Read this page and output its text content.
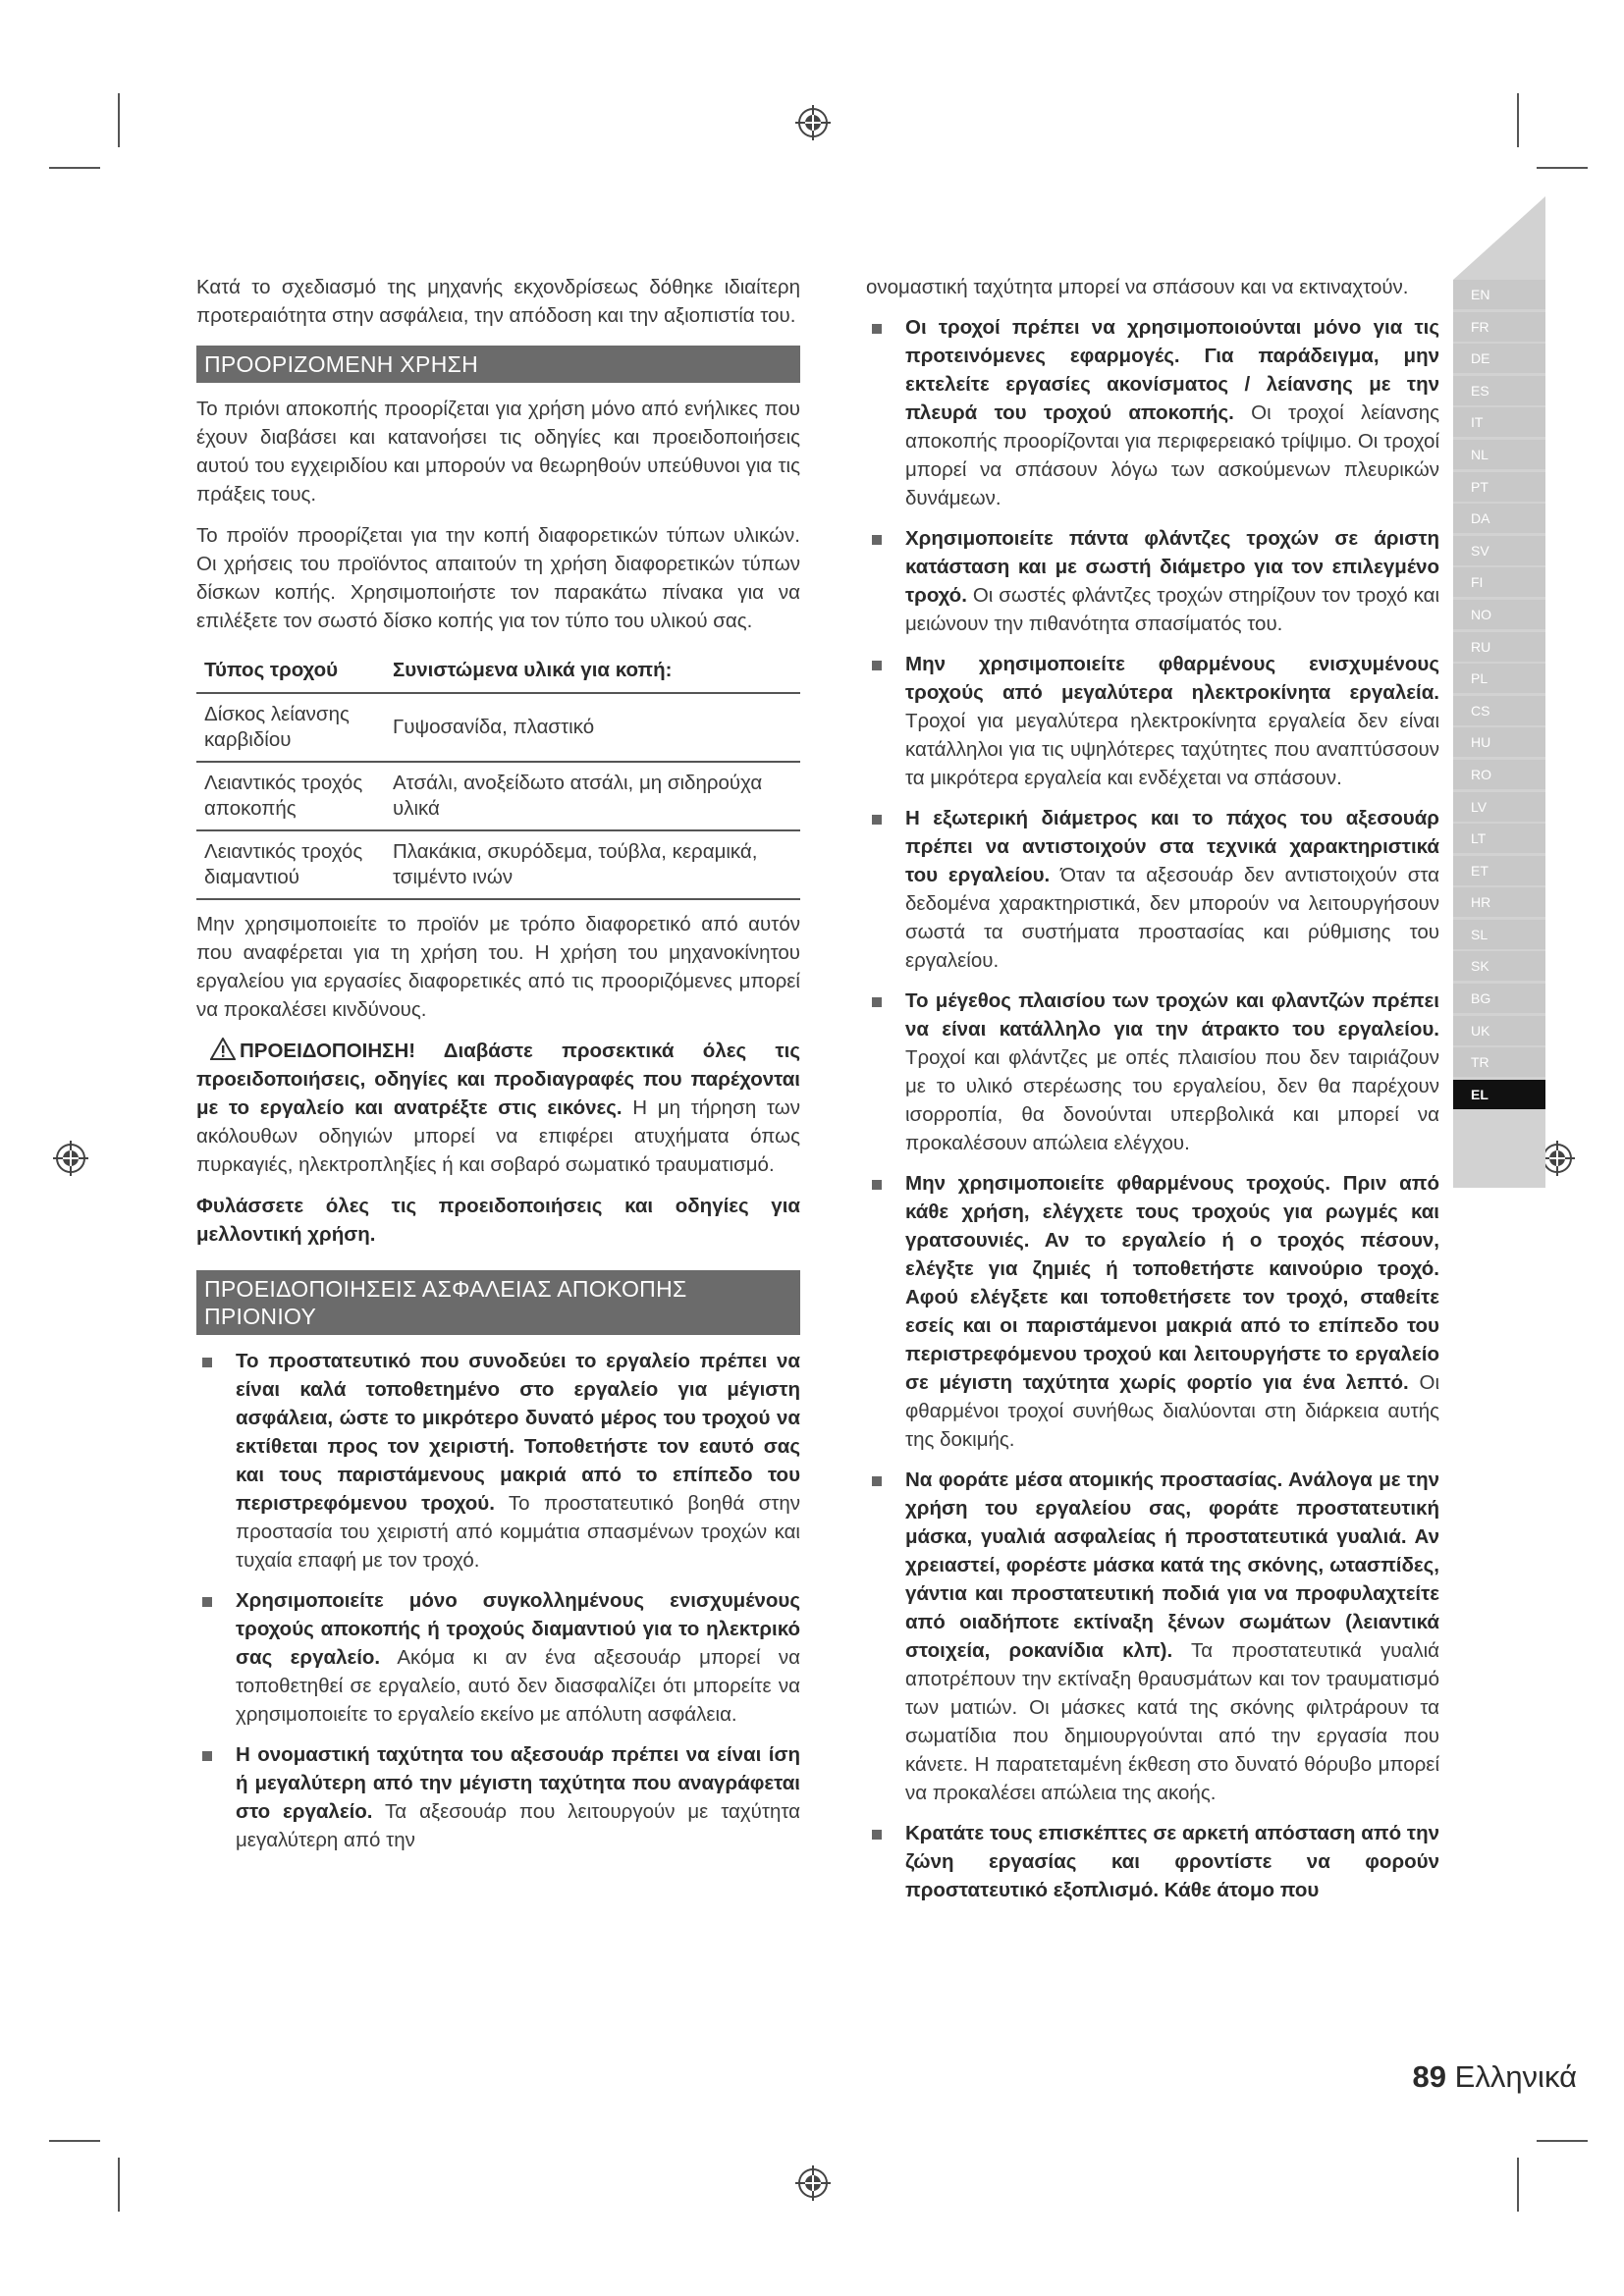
Κατά το σχεδιασμό της μηχανής εκχονδρίσεως δόθηκε ιδιαίτερη προτεραιότητα στην ασφάλεια, την απόδοση και την αξιοπιστία του.

ΠΡΟΟΡΙΖΟΜΕΝΗ ΧΡΗΣΗ

Το πριόνι αποκοπής προορίζεται για χρήση μόνο από ενήλικες που έχουν διαβάσει και κατανοήσει τις οδηγίες και προειδοποιήσεις αυτού του εγχειριδίου και μπορούν να θεωρηθούν υπεύθυνοι για τις πράξεις τους.

Το προϊόν προορίζεται για την κοπή διαφορετικών τύπων υλικών. Οι χρήσεις του προϊόντος απαιτούν τη χρήση διαφορετικών τύπων δίσκων κοπής. Χρησιμοποιήστε τον παρακάτω πίνακα για να επιλέξετε τον σωστό δίσκο κοπής για τον τύπο του υλικού σας.

Τύπος τροχού	Συνιστώμενα υλικά για κοπή:
Δίσκος λείανσης καρβιδίου	Γυψοσανίδα, πλαστικό
Λειαντικός τροχός αποκοπής	Ατσάλι, ανοξείδωτο ατσάλι, μη σιδηρούχα υλικά
Λειαντικός τροχός διαμαντιού	Πλακάκια, σκυρόδεμα, τούβλα, κεραμικά, τσιμέντο ινών

Μην χρησιμοποιείτε το προϊόν με τρόπο διαφορετικό από αυτόν που αναφέρεται για τη χρήση του. Η χρήση του μηχανοκίνητου εργαλείου για εργασίες διαφορετικές από τις προοριζόμενες μπορεί να προκαλέσει κινδύνους.

ΠΡΟΕΙΔΟΠΟΙΗΣΗ! Διαβάστε προσεκτικά όλες τις προειδοποιήσεις, οδηγίες και προδιαγραφές που παρέχονται με το εργαλείο και ανατρέξτε στις εικόνες. Η μη τήρηση των ακόλουθων οδηγιών μπορεί να επιφέρει ατυχήματα όπως πυρκαγιές, ηλεκτροπληξίες ή και σοβαρό σωματικό τραυματισμό.

Φυλάσσετε όλες τις προειδοποιήσεις και οδηγίες για μελλοντική χρήση.

ΠΡΟΕΙΔΟΠΟΙΗΣΕΙΣ ΑΣΦΑΛΕΙΑΣ ΑΠΟΚΟΠΗΣ ΠΡΙΟΝΙΟΥ
Το προστατευτικό που συνοδεύει το εργαλείο πρέπει να είναι καλά τοποθετημένο στο εργαλείο για μέγιστη ασφάλεια, ώστε το μικρότερο δυνατό μέρος του τροχού να εκτίθεται προς τον χειριστή. Τοποθετήστε τον εαυτό σας και τους παριστάμενους μακριά από το επίπεδο του περιστρεφόμενου τροχού. Το προστατευτικό βοηθά στην προστασία του χειριστή από κομμάτια σπασμένων τροχών και τυχαία επαφή με τον τροχό.
Χρησιμοποιείτε μόνο συγκολλημένους ενισχυμένους τροχούς αποκοπής ή τροχούς διαμαντιού για το ηλεκτρικό σας εργαλείο. Ακόμα κι αν ένα αξεσουάρ μπορεί να τοποθετηθεί σε εργαλείο, αυτό δεν διασφαλίζει ότι μπορείτε να χρησιμοποιείτε το εργαλείο εκείνο με απόλυτη ασφάλεια.
Η ονομαστική ταχύτητα του αξεσουάρ πρέπει να είναι ίση ή μεγαλύτερη από την μέγιστη ταχύτητα που αναγράφεται στο εργαλείο. Τα αξεσουάρ που λειτουργούν με ταχύτητα μεγαλύτερη από την

ονομαστική ταχύτητα μπορεί να σπάσουν και να εκτιναχτούν.

Οι τροχοί πρέπει να χρησιμοποιούνται μόνο για τις προτεινόμενες εφαρμογές. Για παράδειγμα, μην εκτελείτε εργασίες ακονίσματος / λείανσης με την πλευρά του τροχού αποκοπής. Οι τροχοί λείανσης αποκοπής προορίζονται για περιφερειακό τρίψιμο. Οι τροχοί μπορεί να σπάσουν λόγω των ασκούμενων πλευρικών δυνάμεων.
Χρησιμοποιείτε πάντα φλάντζες τροχών σε άριστη κατάσταση και με σωστή διάμετρο για τον επιλεγμένο τροχό. Οι σωστές φλάντζες τροχών στηρίζουν τον τροχό και μειώνουν την πιθανότητα σπασίματός του.
Μην χρησιμοποιείτε φθαρμένους ενισχυμένους τροχούς από μεγαλύτερα ηλεκτροκίνητα εργαλεία. Τροχοί για μεγαλύτερα ηλεκτροκίνητα εργαλεία δεν είναι κατάλληλοι για τις υψηλότερες ταχύτητες που αναπτύσσουν τα μικρότερα εργαλεία και ενδέχεται να σπάσουν.
Η εξωτερική διάμετρος και το πάχος του αξεσουάρ πρέπει να αντιστοιχούν στα τεχνικά χαρακτηριστικά του εργαλείου. Όταν τα αξεσουάρ δεν αντιστοιχούν στα δεδομένα χαρακτηριστικά, δεν μπορούν να λειτουργήσουν σωστά τα συστήματα προστασίας και ρύθμισης του εργαλείου.
Το μέγεθος πλαισίου των τροχών και φλαντζών πρέπει να είναι κατάλληλο για την άτρακτο του εργαλείου. Τροχοί και φλάντζες με οπές πλαισίου που δεν ταιριάζουν με το υλικό στερέωσης του εργαλείου, δεν θα παρέχουν ισορροπία, θα δονούνται υπερβολικά και μπορεί να προκαλέσουν απώλεια ελέγχου.
Μην χρησιμοποιείτε φθαρμένους τροχούς. Πριν από κάθε χρήση, ελέγχετε τους τροχούς για ρωγμές και γρατσουνιές. Αν το εργαλείο ή ο τροχός πέσουν, ελέγξτε για ζημιές ή τοποθετήστε καινούριο τροχό. Αφού ελέγξετε και τοποθετήσετε τον τροχό, σταθείτε εσείς και οι παριστάμενοι μακριά από το επίπεδο του περιστρεφόμενου τροχού και λειτουργήστε το εργαλείο σε μέγιστη ταχύτητα χωρίς φορτίο για ένα λεπτό. Οι φθαρμένοι τροχοί συνήθως διαλύονται στη διάρκεια αυτής της δοκιμής.
Να φοράτε μέσα ατομικής προστασίας. Ανάλογα με την χρήση του εργαλείου σας, φοράτε προστατευτική μάσκα, γυαλιά ασφαλείας ή προστατευτικά γυαλιά. Αν χρειαστεί, φορέστε μάσκα κατά της σκόνης, ωτασπίδες, γάντια και προστατευτική ποδιά για να προφυλαχτείτε από οιαδήποτε εκτίναξη ξένων σωμάτων (λειαντικά στοιχεία, ροκανίδια κλπ). Τα προστατευτικά γυαλιά αποτρέπουν την εκτίναξη θραυσμάτων και τον τραυματισμό των ματιών. Οι μάσκες κατά της σκόνης φιλτράρουν τα σωματίδια που δημιουργούνται από την εργασία που κάνετε. Η παρατεταμένη έκθεση στο δυνατό θόρυβο μπορεί να προκαλέσει απώλεια της ακοής.
Κρατάτε τους επισκέπτες σε αρκετή απόσταση από την ζώνη εργασίας και φροντίστε να φορούν προστατευτικό εξοπλισμό. Κάθε άτομο που
EN
FR
DE
ES
IT
NL
PT
DA
SV
FI
NO
RU
PL
CS
HU
RO
LV
LT
ET
HR
SL
SK
BG
UK
TR
EL
89 Ελληνικά
